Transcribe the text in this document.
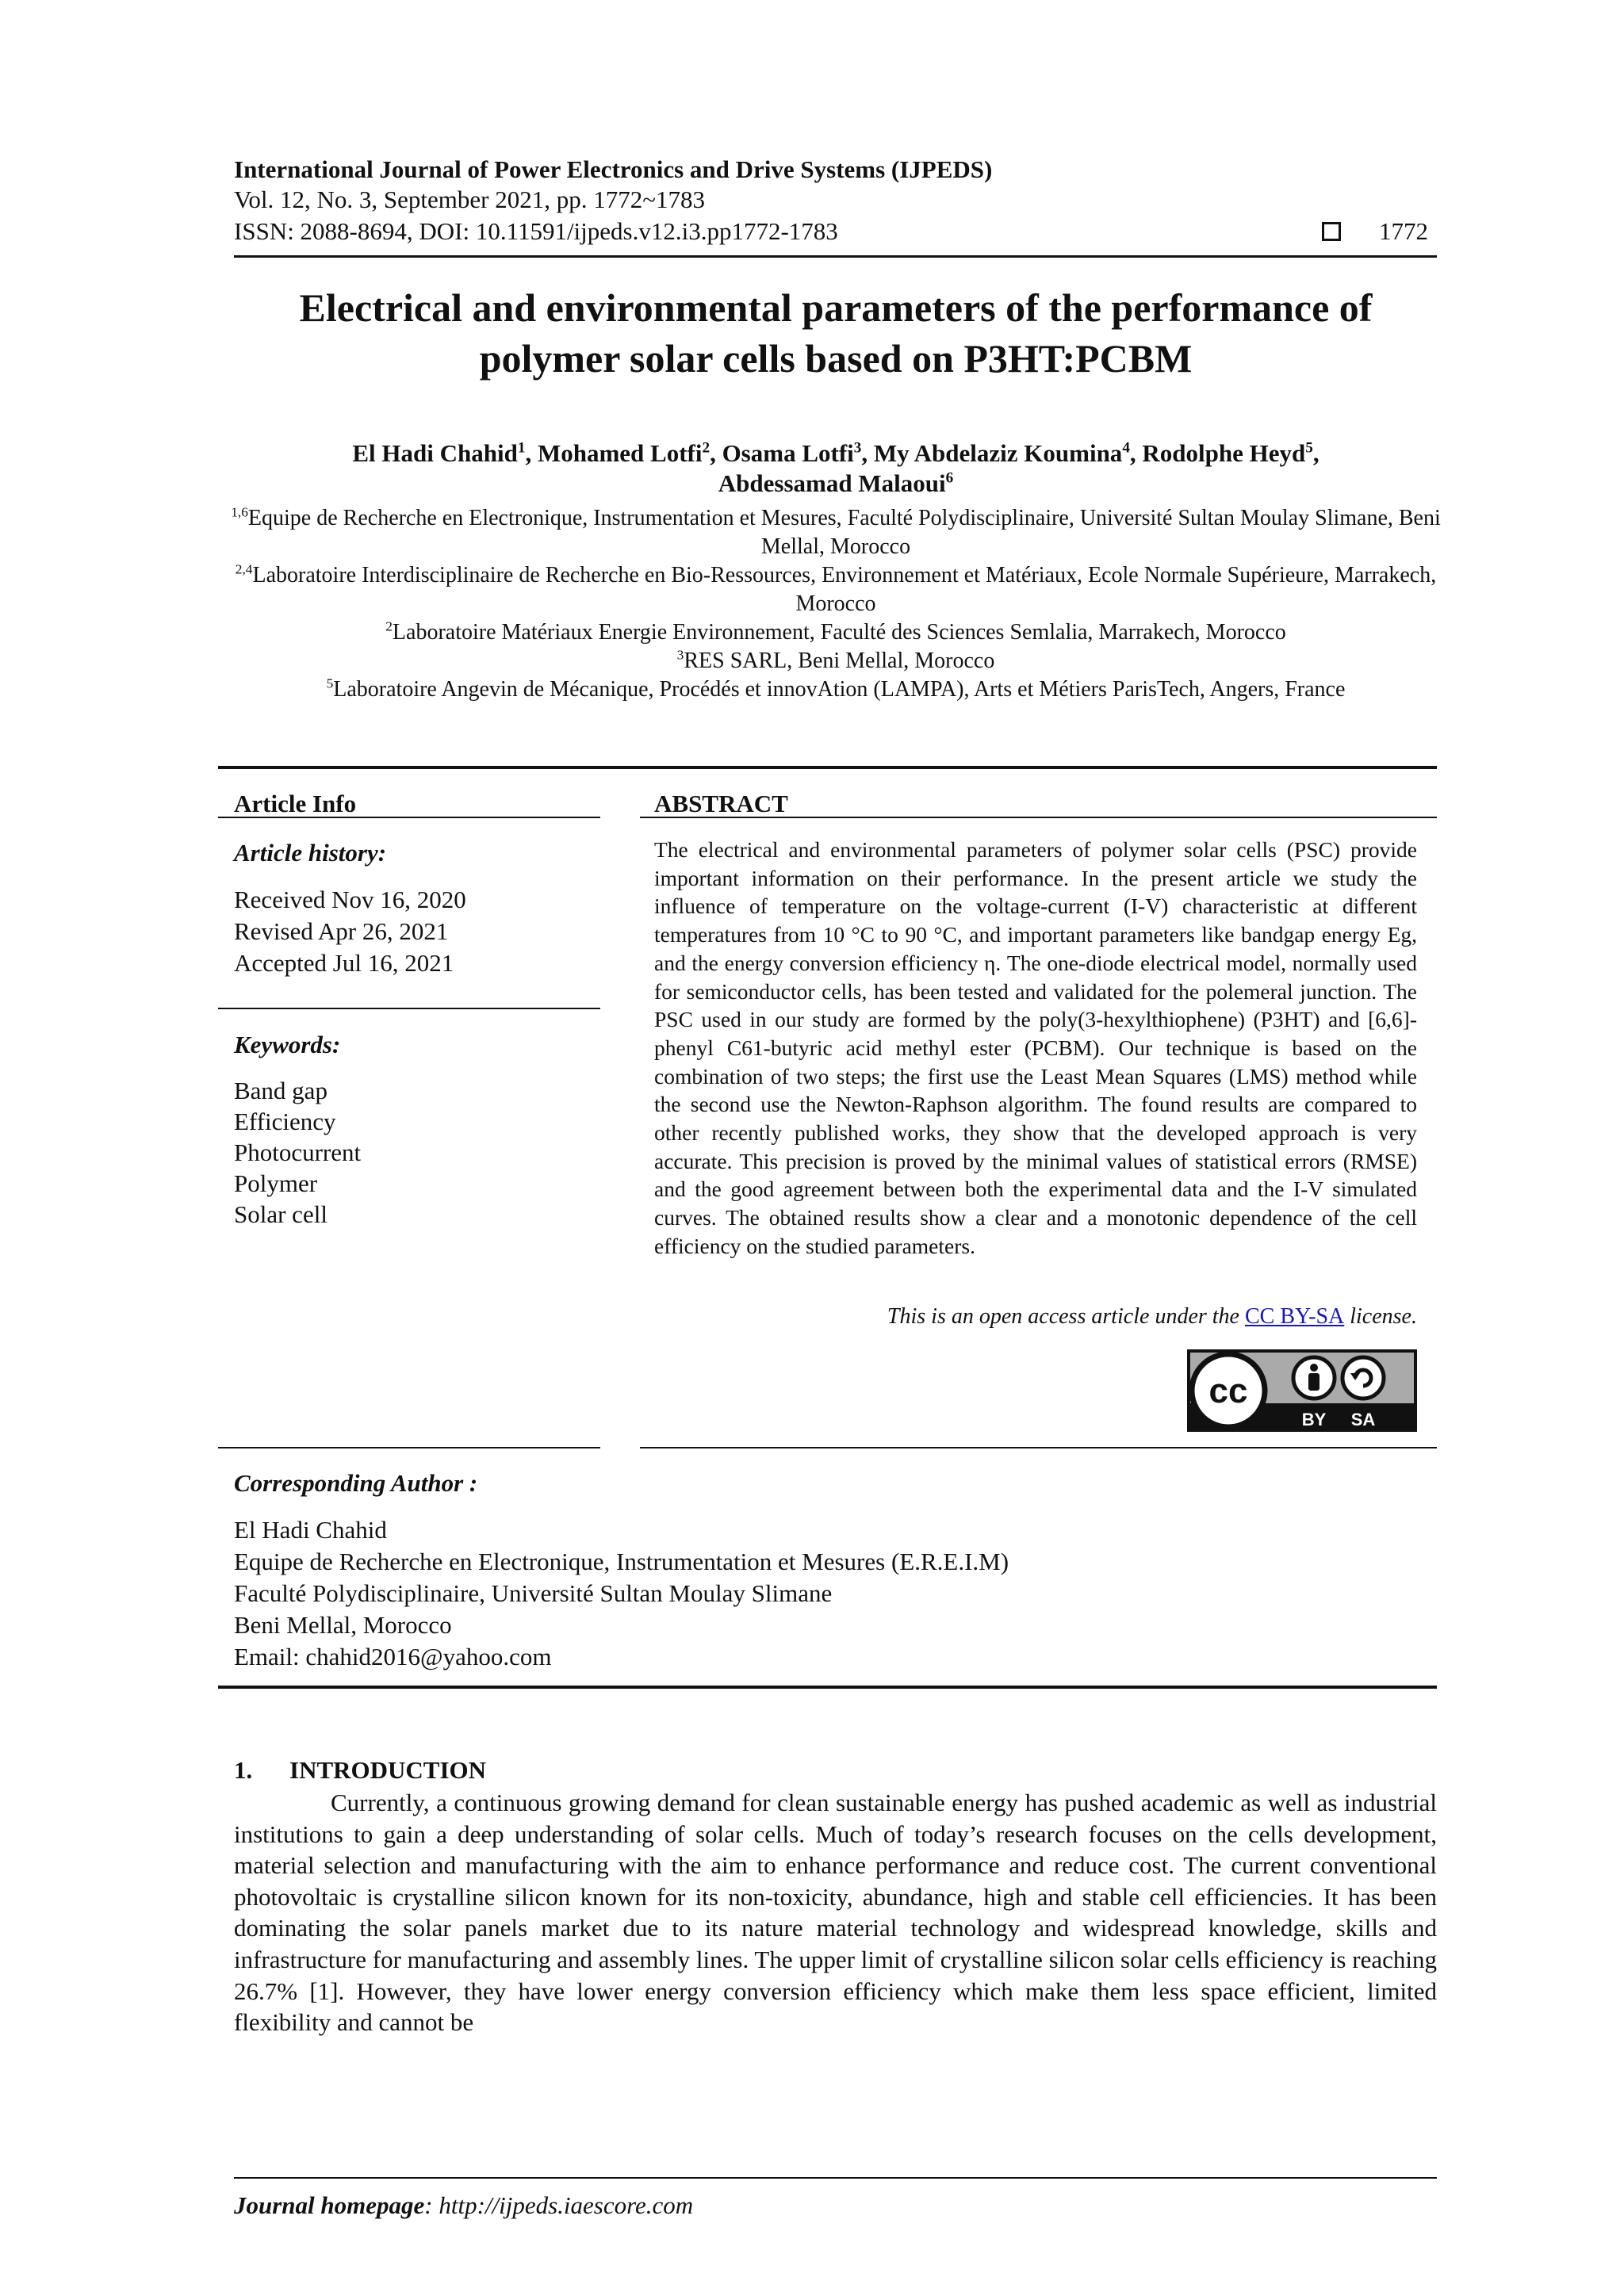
International Journal of Power Electronics and Drive Systems (IJPEDS)
Vol. 12, No. 3, September 2021, pp. 1772~1783
ISSN: 2088-8694, DOI: 10.11591/ijpeds.v12.i3.pp1772-1783	1772
Electrical and environmental parameters of the performance of
polymer solar cells based on P3HT:PCBM
El Hadi Chahid$^1$, Mohamed Lotfi$^2$, Osama Lotfi$^3$, My Abdelaziz Koumina$^4$, Rodolphe Heyd$^5$,
Abdessamad Malaoui$^6$
$^{1,6}$Equipe de Recherche en Electronique, Instrumentation et Mesures, Faculté Polydisciplinaire, Université Sultan Moulay Slimane, Beni Mellal, Morocco
$^{2,4}$Laboratoire Interdisciplinaire de Recherche en Bio-Ressources, Environnement et Matériaux, Ecole Normale Supérieure, Marrakech, Morocco
$^2$Laboratoire Matériaux Energie Environnement, Faculté des Sciences Semlalia, Marrakech, Morocco
$^3$RES SARL, Beni Mellal, Morocco
$^5$Laboratoire Angevin de Mécanique, Procédés et innovAtion (LAMPA), Arts et Métiers ParisTech, Angers, France
Article Info
Article history:
Received Nov 16, 2020
Revised Apr 26, 2021
Accepted Jul 16, 2021
Keywords:
Band gap
Efficiency
Photocurrent
Polymer
Solar cell
ABSTRACT
The electrical and environmental parameters of polymer solar cells (PSC) provide important information on their performance. In the present article we study the influence of temperature on the voltage-current (I-V) characteristic at different temperatures from 10 °C to 90 °C, and important parameters like bandgap energy Eg, and the energy conversion efficiency η. The one-diode electrical model, normally used for semiconductor cells, has been tested and validated for the polemeral junction. The PSC used in our study are formed by the poly(3-hexylthiophene) (P3HT) and [6,6]-phenyl C61-butyric acid methyl ester (PCBM). Our technique is based on the combination of two steps; the first use the Least Mean Squares (LMS) method while the second use the Newton-Raphson algorithm. The found results are compared to other recently published works, they show that the developed approach is very accurate. This precision is proved by the minimal values of statistical errors (RMSE) and the good agreement between both the experimental data and the I-V simulated curves. The obtained results show a clear and a monotonic dependence of the cell efficiency on the studied parameters.
This is an open access article under the CC BY-SA license.
cc
BY SA
Corresponding Author :
El Hadi Chahid
Equipe de Recherche en Electronique, Instrumentation et Mesures (E.R.E.I.M)
Faculté Polydisciplinaire, Université Sultan Moulay Slimane
Beni Mellal, Morocco
Email: chahid2016@yahoo.com
1. INTRODUCTION

Currently, a continuous growing demand for clean sustainable energy has pushed academic as well as industrial institutions to gain a deep understanding of solar cells. Much of today’s research focuses on the cells development, material selection and manufacturing with the aim to enhance performance and reduce cost. The current conventional photovoltaic is crystalline silicon known for its non-toxicity, abundance, high and stable cell efficiencies. It has been dominating the solar panels market due to its nature material technology and widespread knowledge, skills and infrastructure for manufacturing and assembly lines. The upper limit of crystalline silicon solar cells efficiency is reaching 26.7% [1]. However, they have lower energy conversion efficiency which make them less space efficient, limited flexibility and cannot be

Journal homepage: http://ijpeds.iaescore.com
